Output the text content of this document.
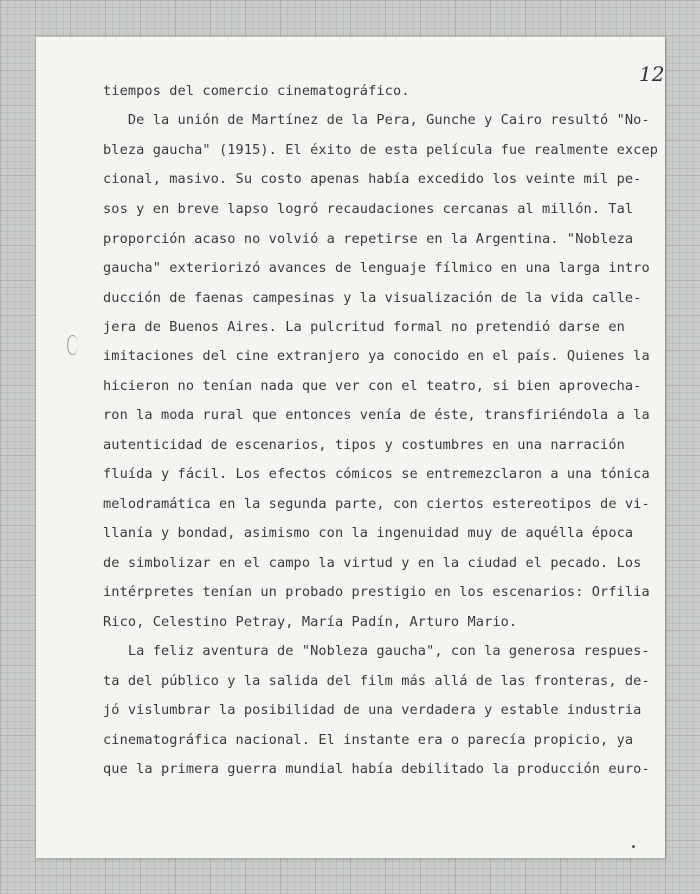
12
tiempos del comercio cinematográfico.
De la unión de Martínez de la Pera, Gunche y Cairo resultó "No-
bleza gaucha" (1915). El éxito de esta película fue realmente excep
cional, masivo. Su costo apenas había excedido los veinte mil pe-
sos y en breve lapso logró recaudaciones cercanas al millón. Tal
proporción acaso no volvió a repetirse en la Argentina. "Nobleza
gaucha" exteriorizó avances de lenguaje fílmico en una larga intro
ducción de faenas campesinas y la visualización de la vida calle-
jera de Buenos Aires. La pulcritud formal no pretendió darse en
imitaciones del cine extranjero ya conocido en el país. Quienes la
hicieron no tenían nada que ver con el teatro, si bien aprovecha-
ron la moda rural que entonces venía de éste, transfiriéndola a la
autenticidad de escenarios, tipos y costumbres en una narración
fluída y fácil. Los efectos cómicos se entremezclaron a una tónica
melodramática en la segunda parte, con ciertos estereotipos de vi-
llanía y bondad, asimismo con la ingenuidad muy de aquélla época
de simbolizar en el campo la virtud y en la ciudad el pecado. Los
intérpretes tenían un probado prestigio en los escenarios: Orfilia
Rico, Celestino Petray, María Padín, Arturo Mario.
La feliz aventura de "Nobleza gaucha", con la generosa respues-
ta del público y la salida del film más allá de las fronteras, de-
jó vislumbrar la posibilidad de una verdadera y estable industria
cinematográfica nacional. El instante era o parecía propicio, ya
que la primera guerra mundial había debilitado la producción euro-
